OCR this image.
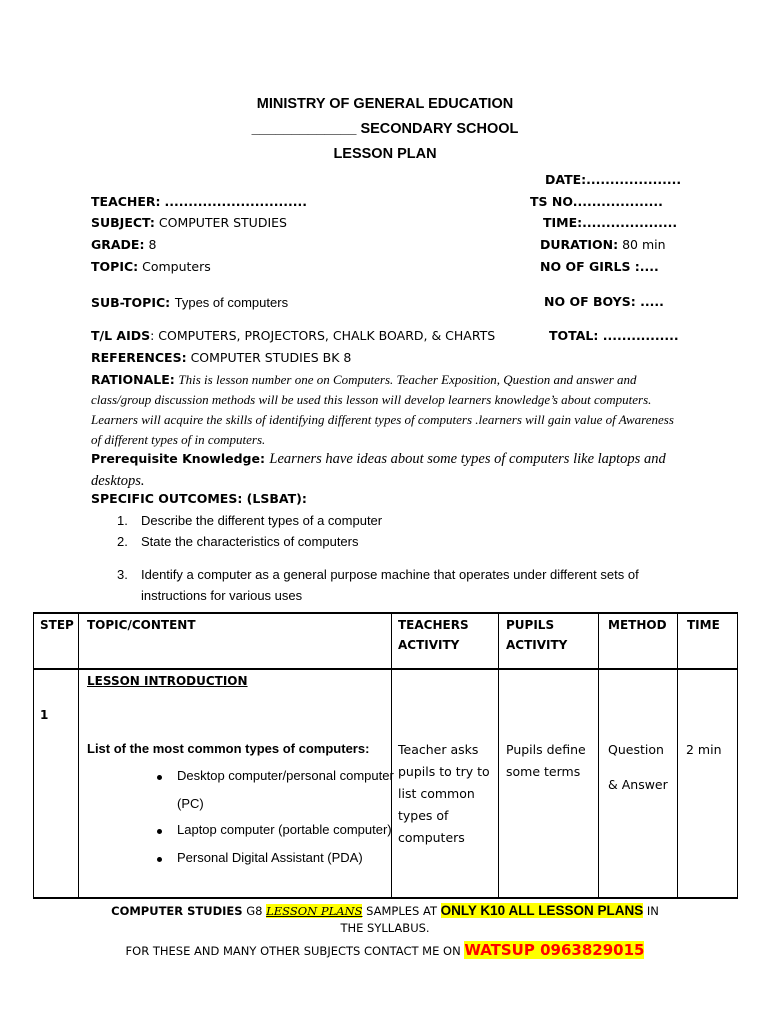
MINISTRY OF GENERAL EDUCATION
_____________ SECONDARY SCHOOL
LESSON PLAN
DATE:....................
TS NO...................
TIME:....................
DURATION: 80 min
NO OF GIRLS :....
NO OF BOYS: .....
TOTAL: ................
TEACHER: ..............................
SUBJECT: COMPUTER STUDIES
GRADE: 8
TOPIC: Computers
SUB-TOPIC: Types of computers
T/L AIDS: COMPUTERS, PROJECTORS, CHALK BOARD, & CHARTS
REFERENCES: COMPUTER STUDIES BK 8
RATIONALE: This is lesson number one on Computers. Teacher Exposition, Question and answer and class/group discussion methods will be used this lesson will develop learners knowledge’s about computers. Learners will acquire the skills of identifying different types of computers .learners will gain value of Awareness of different types of in computers.
Prerequisite Knowledge: Learners have ideas about some types of computers like laptops and desktops.
SPECIFIC OUTCOMES: (LSBAT):
1. Describe the different types of a computer
2. State the characteristics of computers
3. Identify a computer as a general purpose machine that operates under different sets of
instructions for various uses
STEP TOPIC/CONTENT	TEACHERS
ACTIVITY
PUPILS
ACTIVITY
METHOD TIME
1
LESSON INTRODUCTION
List of the most common types of computers:
Desktop computer/personal computer
(PC)
Laptop computer (portable computer)
Personal Digital Assistant (PDA)
Teacher asks
pupils to try to
list common
types of
computers
Pupils define
some terms
Question
& Answer
2 min
COMPUTER STUDIES G8 LESSON PLANS SAMPLES AT ONLY K10 ALL LESSON PLANS IN
THE SYLLABUS.
FOR THESE AND MANY OTHER SUBJECTS CONTACT ME ON WATSUP 0963829015
